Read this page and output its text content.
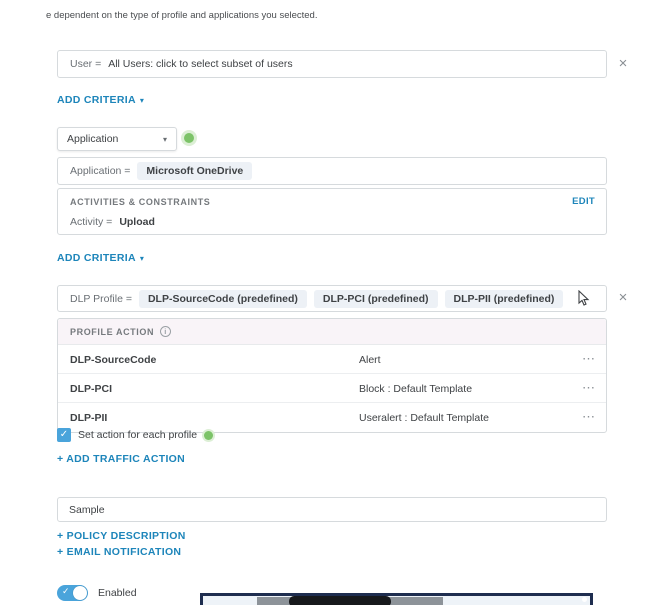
e dependent on the type of profile and applications you selected.
User = All Users: click to select subset of users	×
ADD CRITERIA ▾
Application	▾
Application =	Microsoft OneDrive
ACTIVITIES & CONSTRAINTS	EDIT
Activity = Upload
ADD CRITERIA ▾
DLP Profile =	DLP-SourceCode (predefined)	DLP-PCI (predefined)	DLP-PII (predefined)	×
PROFILE ACTION	i
DLP-SourceCode	Alert	⋯
DLP-PCI	Block : Default Template	⋯
DLP-PII	Useralert : Default Template	⋯
✓ Set action for each profile
+ ADD TRAFFIC ACTION
Sample
+ POLICY DESCRIPTION
+ EMAIL NOTIFICATION
✓	Enabled
